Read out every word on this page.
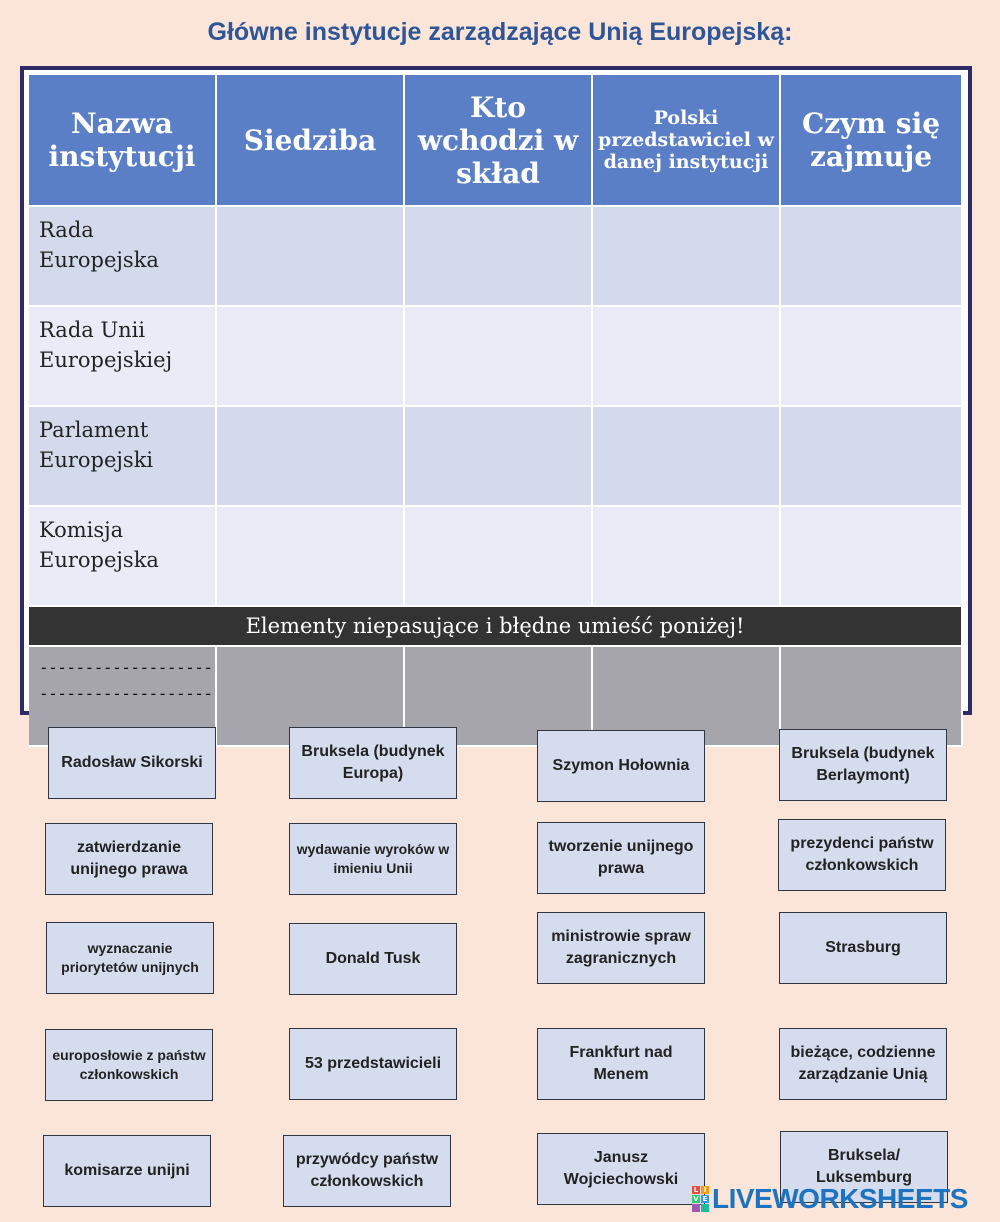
Główne instytucje zarządzające Unią Europejską:
Nazwa instytucji	Siedziba	Kto wchodzi w skład	Polski przedstawiciel w danej instytucji	Czym się zajmuje
Rada Europejska				
Rada Unii Europejskiej				
Parlament Europejski				
Komisja Europejska				
Elementy niepasujące i błędne umieść poniżej!				
-------------------
-------------------				
Radosław Sikorski
Bruksela (budynek Europa)	Szymon Hołownia
Bruksela (budynek Berlaymont)
zatwierdzanie unijnego prawa
wydawanie wyroków w imieniu Unii
tworzenie unijnego prawa
prezydenci państw członkowskich
wyznaczanie priorytetów unijnych	Donald Tusk
ministrowie spraw zagranicznych
Strasburg
europosłowie z państw członkowskich
53 przedstawicieli
Frankfurt nad Menem
bieżące, codzienne zarządzanie Unią
komisarze unijni
przywódcy państw członkowskich
Janusz Wojciechowski
Bruksela/ Luksemburg
L I
V E LIVEWORKSHEETS
